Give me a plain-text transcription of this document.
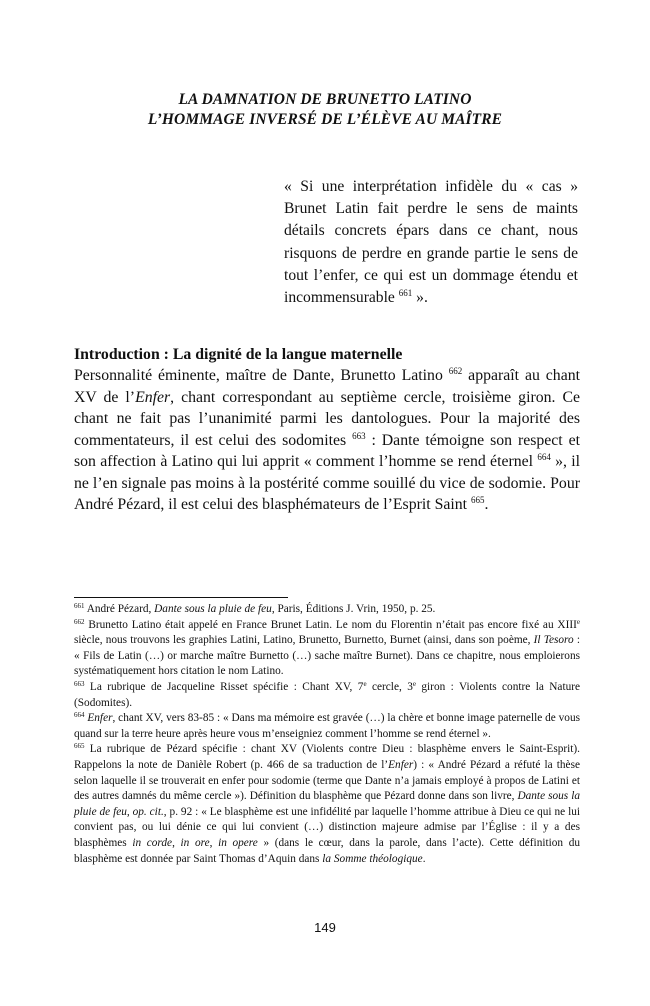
LA DAMNATION DE BRUNETTO LATINO
L’HOMMAGE INVERSÉ DE L’ÉLÈVE AU MAÎTRE
« Si une interprétation infidèle du « cas » Brunet Latin fait perdre le sens de maints détails concrets épars dans ce chant, nous risquons de perdre en grande partie le sens de tout l’enfer, ce qui est un dommage étendu et incommensurable $^{661}$ ».
Introduction : La dignité de la langue maternelle
Personnalité éminente, maître de Dante, Brunetto Latino $^{662}$ apparaît au chant XV de l’Enfer, chant correspondant au septième cercle, troisième giron. Ce chant ne fait pas l’unanimité parmi les dantologues. Pour la majorité des commentateurs, il est celui des sodomites $^{663}$ : Dante témoigne son respect et son affection à Latino qui lui apprit « comment l’homme se rend éternel $^{664}$ », il ne l’en signale pas moins à la postérité comme souillé du vice de sodomie. Pour André Pézard, il est celui des blasphémateurs de l’Esprit Saint $^{665}$.

$^{661}$ André Pézard, Dante sous la pluie de feu, Paris, Éditions J. Vrin, 1950, p. 25.

$^{662}$ Brunetto Latino était appelé en France Brunet Latin. Le nom du Florentin n’était pas encore fixé au XIIIe siècle, nous trouvons les graphies Latini, Latino, Brunetto, Burnetto, Burnet (ainsi, dans son poème, Il Tesoro : « Fils de Latin (…) or marche maître Burnetto (…) sache maître Burnet). Dans ce chapitre, nous emploierons systématiquement hors citation le nom Latino.

$^{663}$ La rubrique de Jacqueline Risset spécifie : Chant XV, 7e cercle, 3e giron : Violents contre la Nature (Sodomites).

$^{664}$ Enfer, chant XV, vers 83-85 : « Dans ma mémoire est gravée (…) la chère et bonne image paternelle de vous quand sur la terre heure après heure vous m’enseigniez comment l’homme se rend éternel ».

$^{665}$ La rubrique de Pézard spécifie : chant XV (Violents contre Dieu : blasphème envers le Saint-Esprit). Rappelons la note de Danièle Robert (p. 466 de sa traduction de l’Enfer) : « André Pézard a réfuté la thèse selon laquelle il se trouverait en enfer pour sodomie (terme que Dante n’a jamais employé à propos de Latini et des autres damnés du même cercle »). Définition du blasphème que Pézard donne dans son livre, Dante sous la pluie de feu, op. cit., p. 92 : « Le blasphème est une infidélité par laquelle l’homme attribue à Dieu ce qui ne lui convient pas, ou lui dénie ce qui lui convient (…) distinction majeure admise par l’Église : il y a des blasphèmes in corde, in ore, in opere » (dans le cœur, dans la parole, dans l’acte). Cette définition du blasphème est donnée par Saint Thomas d’Aquin dans la Somme théologique.

149
